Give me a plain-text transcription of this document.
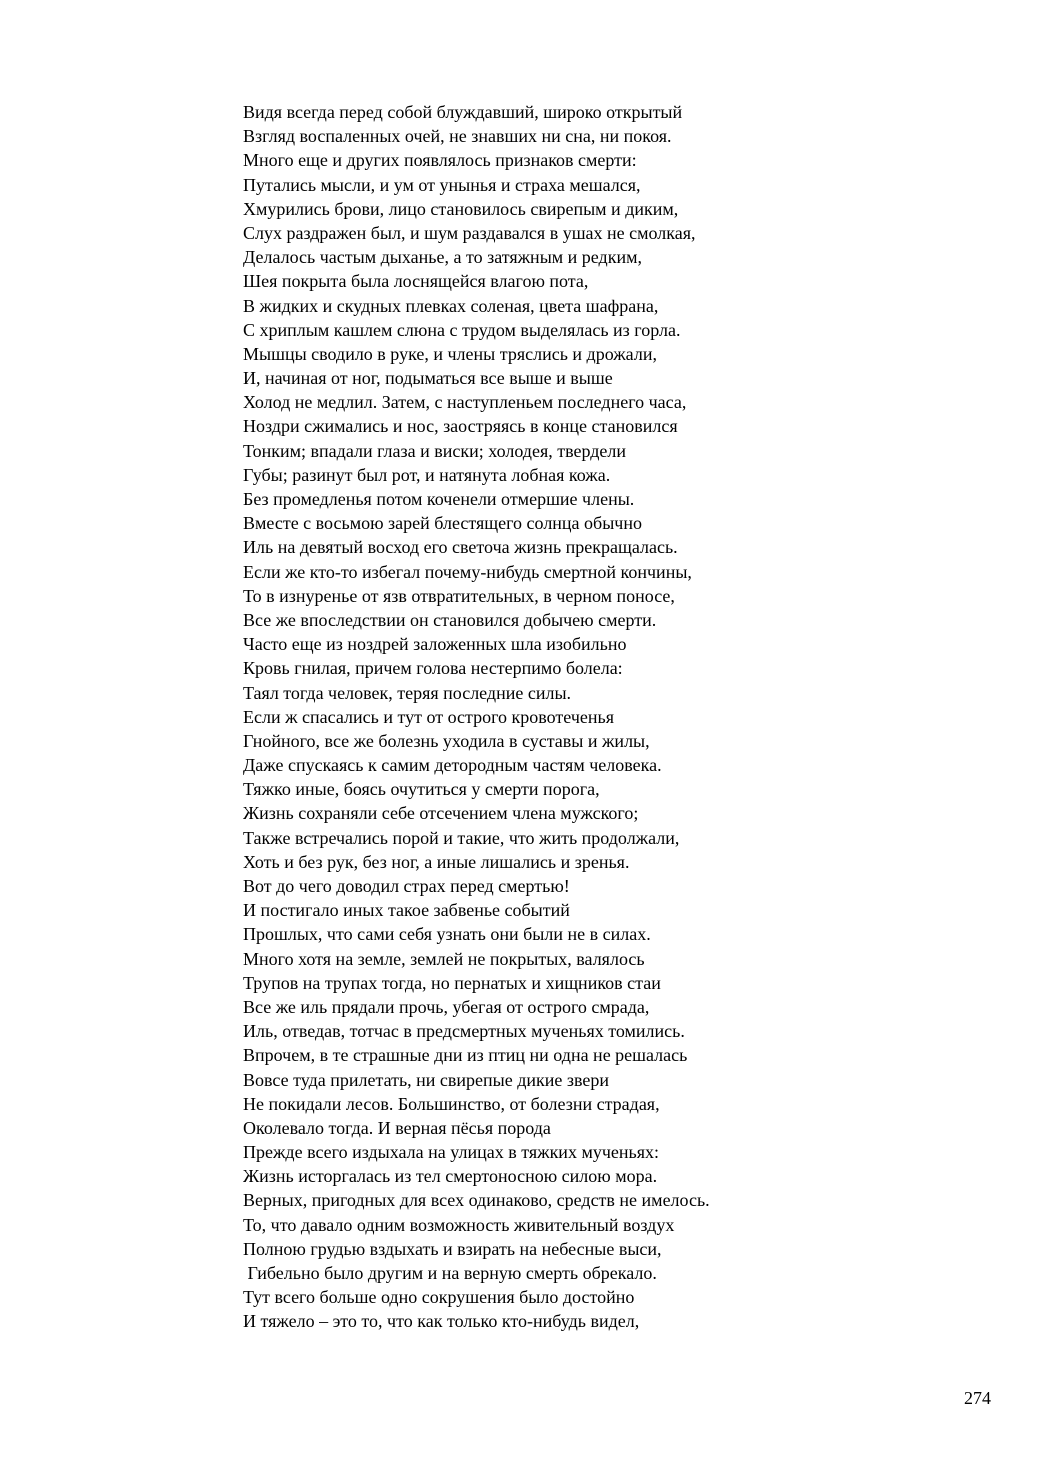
Видя всегда перед собой блуждавший, широко открытый
Взгляд воспаленных очей, не знавших ни сна, ни покоя.
Много еще и других появлялось признаков смерти:
Путались мысли, и ум от унынья и страха мешался,
Хмурились брови, лицо становилось свирепым и диким,
Слух раздражен был, и шум раздавался в ушах не смолкая,
Делалось частым дыханье, а то затяжным и редким,
Шея покрыта была лоснящейся влагою пота,
В жидких и скудных плевках соленая, цвета шафрана,
С хриплым кашлем слюна с трудом выделялась из горла.
Мышцы сводило в руке, и члены тряслись и дрожали,
И, начиная от ног, подыматься все выше и выше
Холод не медлил. Затем, с наступленьем последнего часа,
Ноздри сжимались и нос, заостряясь в конце становился
Тонким; впадали глаза и виски; холодея, твердели
Губы; разинут был рот, и натянута лобная кожа.
Без промедленья потом коченели отмершие члены.
Вместе с восьмою зарей блестящего солнца обычно
Иль на девятый восход его светоча жизнь прекращалась.
Если же кто-то избегал почему-нибудь смертной кончины,
То в изнуренье от язв отвратительных, в черном поносе,
Все же впоследствии он становился добычею смерти.
Часто еще из ноздрей заложенных шла изобильно
Кровь гнилая, причем голова нестерпимо болела:
Таял тогда человек, теряя последние силы.
Если ж спасались и тут от острого кровотеченья
Гнойного, все же болезнь уходила в суставы и жилы,
Даже спускаясь к самим детородным частям человека.
Тяжко иные, боясь очутиться у смерти порога,
Жизнь сохраняли себе отсечением члена мужского;
Также встречались порой и такие, что жить продолжали,
Хоть и без рук, без ног, а иные лишались и зренья.
Вот до чего доводил страх перед смертью!
И постигало иных такое забвенье событий
Прошлых, что сами себя узнать они были не в силах.
Много хотя на земле, землей не покрытых, валялось
Трупов на трупах тогда, но пернатых и хищников стаи
Все же иль прядали прочь, убегая от острого смрада,
Иль, отведав, тотчас в предсмертных мученьях томились.
Впрочем, в те страшные дни из птиц ни одна не решалась
Вовсе туда прилетать, ни свирепые дикие звери
Не покидали лесов. Большинство, от болезни страдая,
Околевало тогда. И верная пёсья порода
Прежде всего издыхала на улицах в тяжких мученьях:
Жизнь исторгалась из тел смертоносною силою мора.
Верных, пригодных для всех одинаково, средств не имелось.
То, что давало одним возможность живительный воздух
Полною грудью вздыхать и взирать на небесные выси,
Гибельно было другим и на верную смерть обрекало.
Тут всего больше одно сокрушения было достойно
И тяжело – это то, что как только кто-нибудь видел,
274
